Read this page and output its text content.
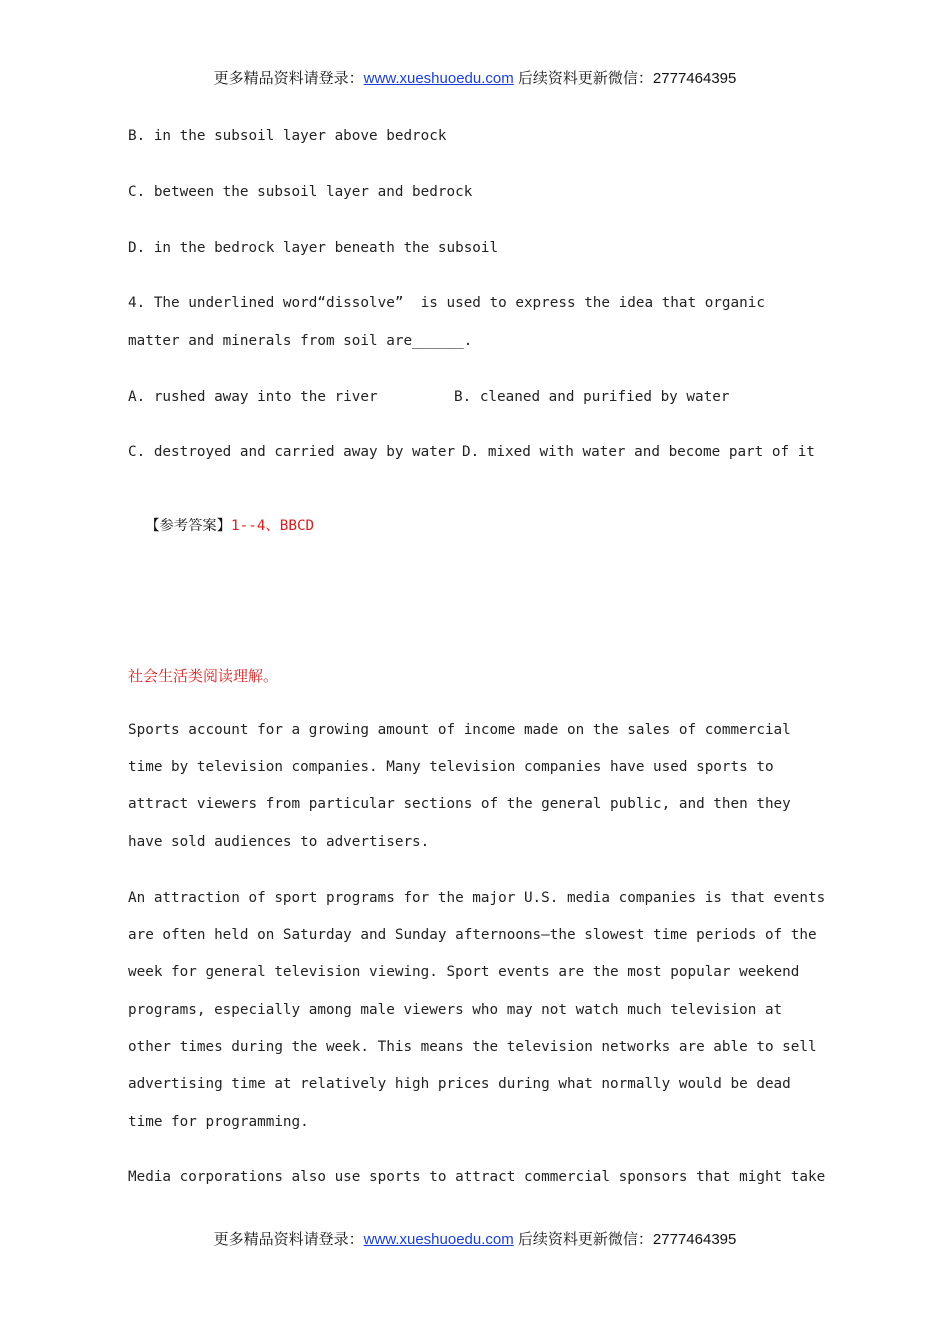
更多精品资料请登录：www.xueshuoedu.com 后续资料更新微信：2777464395
B. in the subsoil layer above bedrock
C. between the subsoil layer and bedrock
D. in the bedrock layer beneath the subsoil
4. The underlined word“dissolve”  is used to express the idea that organic
matter and minerals from soil are______.
A. rushed away into the river	B. cleaned and purified by water
C. destroyed and carried away by water D. mixed with water and become part of it

【参考答案】1--4、BBCD

社会生活类阅读理解。
Sports account for a growing amount of income made on the sales of commercial
time by television companies. Many television companies have used sports to
attract viewers from particular sections of the general public, and then they
have sold audiences to advertisers.
An attraction of sport programs for the major U.S. media companies is that events
are often held on Saturday and Sunday afternoons—the slowest time periods of the
week for general television viewing. Sport events are the most popular weekend
programs, especially among male viewers who may not watch much television at
other times during the week. This means the television networks are able to sell
advertising time at relatively high prices during what normally would be dead
time for programming.
Media corporations also use sports to attract commercial sponsors that might take
更多精品资料请登录：www.xueshuoedu.com 后续资料更新微信：2777464395
